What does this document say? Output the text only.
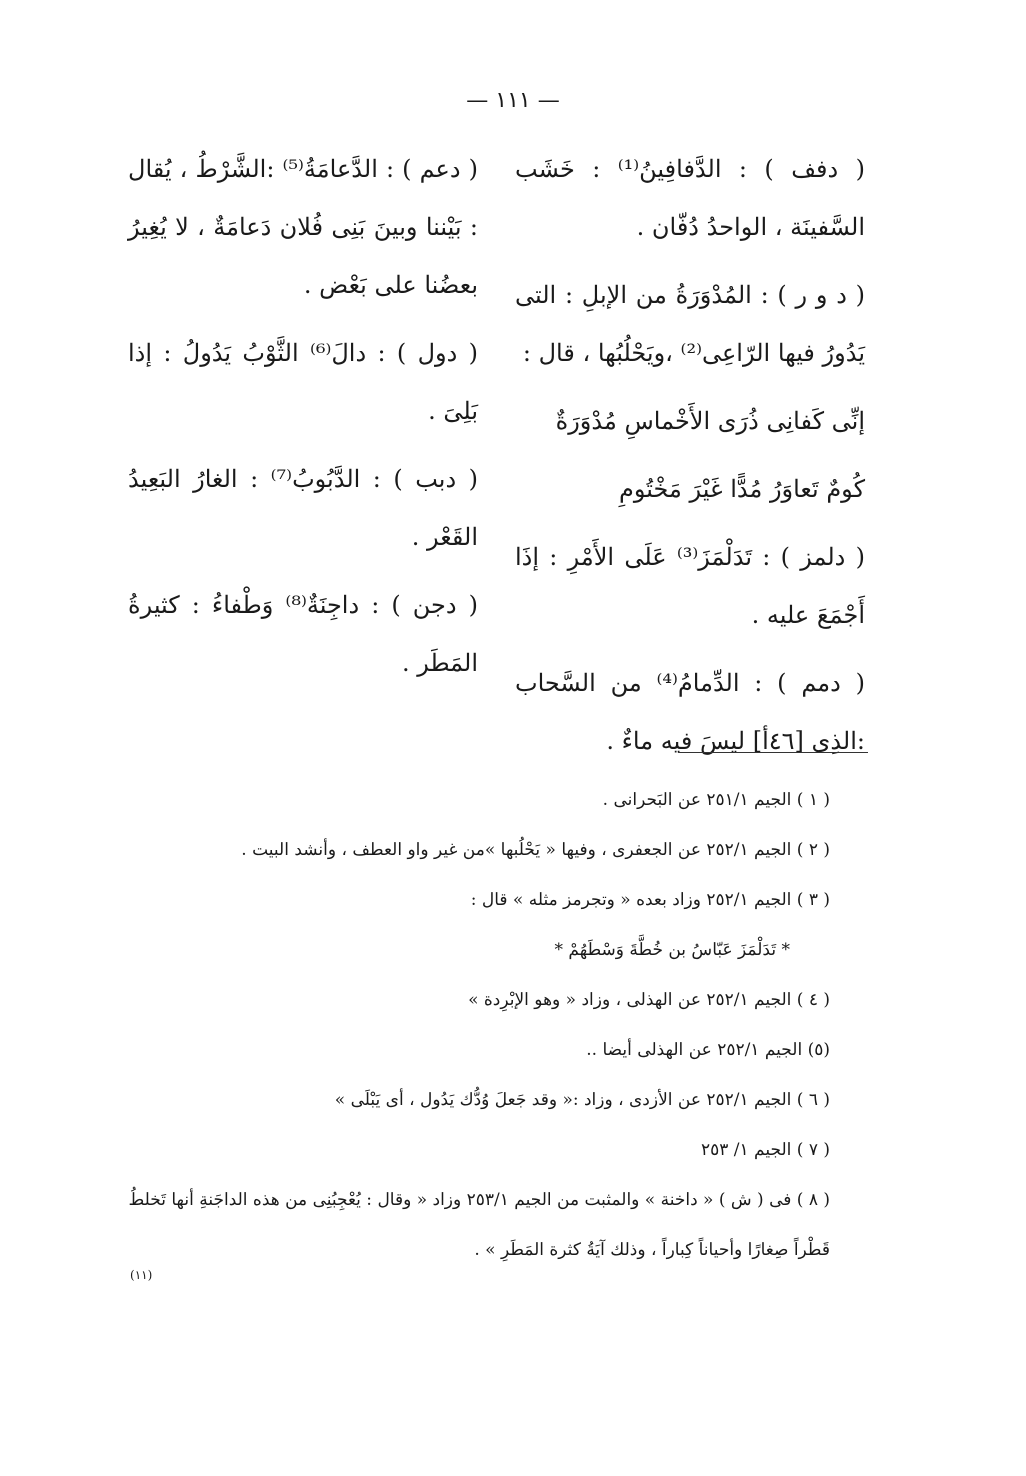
— ١١١ —

( دفف ) : الدَّفافِينُ⁽¹⁾ : خَشَب السَّفينَة ، الواحدُ دُفّان .

( د و ر ) : المُدْوَرَةُ من الإبلِ : التى يَدُورُ فيها الرّاعِى⁽²⁾ ،ويَحْلُبُها ، قال :

إنِّى كَفانِى ذُرَى الأَخْماسِ مُدْوَرَةٌ

كُومٌ تَعاوَرُ مُدًّا غَيْرَ مَخْتُومِ

( دلمز ) : تَدَلْمَزَ⁽³⁾ عَلَى الأَمْرِ : إذَا أَجْمَعَ عليه .

( دمم ) : الدِّمامُ⁽⁴⁾ من السَّحاب :الذِى [٤٦أ] ليسَ فيه ماءٌ .

( دعم ) : الدَّعامَةُ⁽⁵⁾ :الشَّرْطُ ، يُقال : بَيْننا وبينَ بَنِى فُلان دَعامَةٌ ، لا يُغِيرُ بعضُنا على بَعْض .

( دول ) : دالَ⁽⁶⁾ الثَّوْبُ يَدُولُ : إذا بَلِىَ .

( دبب ) : الدَّبُوبُ⁽⁷⁾ : الغارُ البَعِيدُ القَعْر .

( دجن ) : داجِنَةٌ⁽⁸⁾ وَطْفاءُ : كثيرةُ المَطَر .

( ١ ) الجيم ٢٥١/١ عن البَحرانى .

( ٢ ) الجيم ٢٥٢/١ عن الجعفرى ، وفيها « يَحْلُبها »من غير واو العطف ، وأنشد البيت .

( ٣ ) الجيم ٢٥٢/١ وزاد بعده « وتجرمز مثله » قال :

* تَدَلْمَزَ عَبّاسُ بن خُطَّةَ وَسْطَهُمْ *

( ٤ ) الجيم ٢٥٢/١ عن الهذلى ، وزاد « وهو الإبْرِدة »

(٥) الجيم ٢٥٢/١ عن الهذلى أيضا ..

( ٦ ) الجيم ٢٥٢/١ عن الأزدى ، وزاد :« وقد جَعلَ وُدُّك يَدُول ، أى يَبْلَى »

( ٧ ) الجيم ١/ ٢٥٣

( ٨ ) فى ( ش ) « داخنة » والمثبت من الجيم ٢٥٣/١ وزاد « وقال : يُعْجِبُنِى من هذه الداجَنةِ أنها تَخلطُ قَطْراً صِغارًا وأحياناً كِباراً ، وذلك آيَةُ كثرة المَطَرِ » .

(١١)
